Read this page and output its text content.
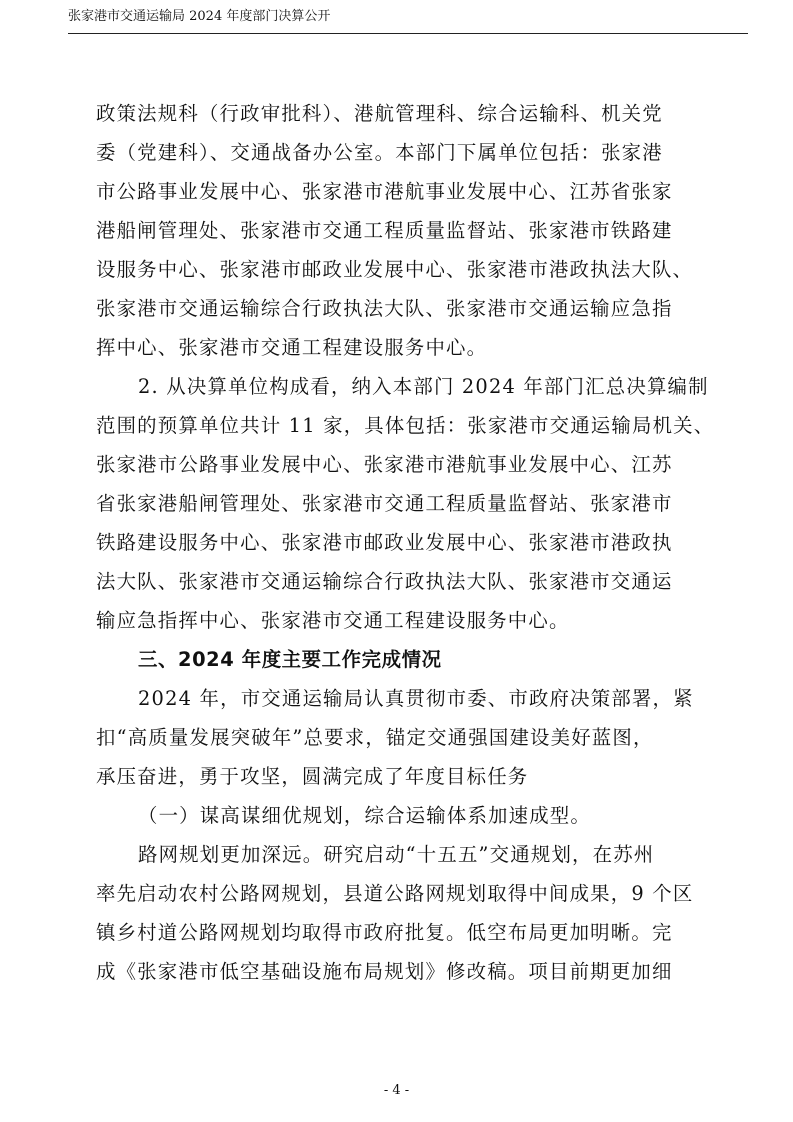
张家港市交通运输局 2024 年度部门决算公开
政策法规科（行政审批科）、港航管理科、综合运输科、机关党
委（党建科）、交通战备办公室。本部门下属单位包括：张家港
市公路事业发展中心、张家港市港航事业发展中心、江苏省张家
港船闸管理处、张家港市交通工程质量监督站、张家港市铁路建
设服务中心、张家港市邮政业发展中心、张家港市港政执法大队、
张家港市交通运输综合行政执法大队、张家港市交通运输应急指
挥中心、张家港市交通工程建设服务中心。
2. 从决算单位构成看，纳入本部门 2024 年部门汇总决算编制
范围的预算单位共计 11 家，具体包括：张家港市交通运输局机关、
张家港市公路事业发展中心、张家港市港航事业发展中心、江苏
省张家港船闸管理处、张家港市交通工程质量监督站、张家港市
铁路建设服务中心、张家港市邮政业发展中心、张家港市港政执
法大队、张家港市交通运输综合行政执法大队、张家港市交通运
输应急指挥中心、张家港市交通工程建设服务中心。
三、2024 年度主要工作完成情况
2024 年，市交通运输局认真贯彻市委、市政府决策部署，紧
扣“高质量发展突破年”总要求，锚定交通强国建设美好蓝图，
承压奋进，勇于攻坚，圆满完成了年度目标任务
（一）谋高谋细优规划，综合运输体系加速成型。
路网规划更加深远。研究启动“十五五”交通规划，在苏州
率先启动农村公路网规划，县道公路网规划取得中间成果，9 个区
镇乡村道公路网规划均取得市政府批复。低空布局更加明晰。完
成《张家港市低空基础设施布局规划》修改稿。项目前期更加细
- 4 -
